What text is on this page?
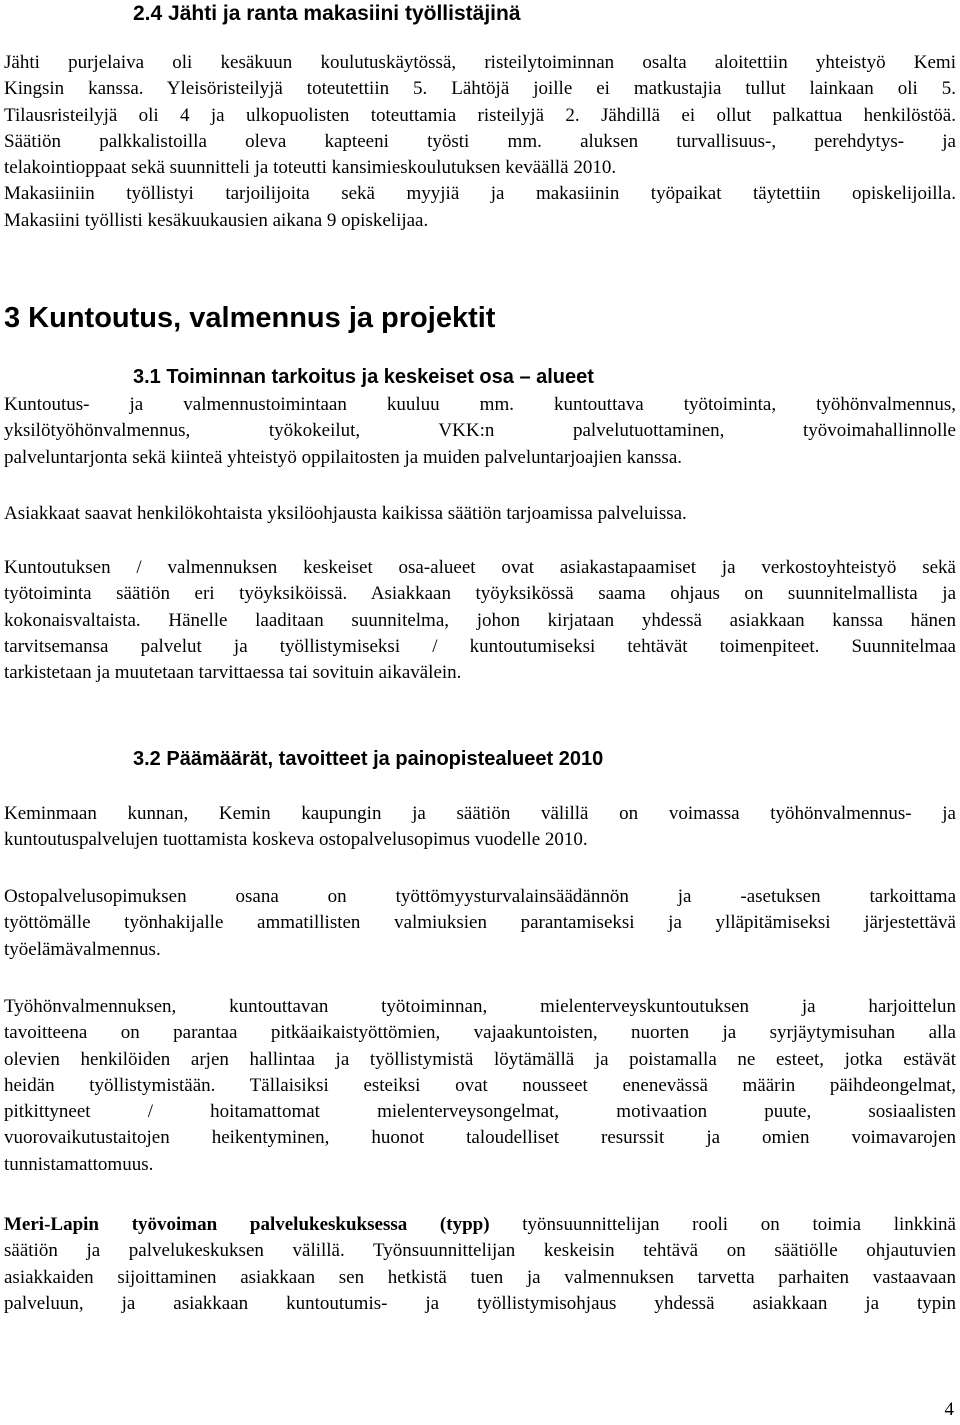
2.4 Jähti ja ranta makasiini työllistäjinä
Jähti purjelaiva oli kesäkuun koulutuskäytössä, risteilytoiminnan osalta aloitettiin yhteistyö Kemi
Kingsin kanssa. Yleisöristeilyjä toteutettiin 5. Lähtöjä joille ei matkustajia tullut lainkaan oli 5.
Tilausristeilyjä oli 4 ja ulkopuolisten toteuttamia risteilyjä 2. Jähdillä ei ollut palkattua henkilöstöä.
Säätiön palkkalistoilla oleva kapteeni työsti mm. aluksen turvallisuus-, perehdytys- ja
telakointioppaat sekä suunnitteli ja toteutti kansimieskoulutuksen keväällä 2010.
Makasiiniin työllistyi tarjoilijoita sekä myyjiä ja makasiinin työpaikat täytettiin opiskelijoilla.
Makasiini työllisti kesäkuukausien aikana 9 opiskelijaa.
3 Kuntoutus, valmennus ja projektit
3.1 Toiminnan tarkoitus ja keskeiset osa – alueet
Kuntoutus- ja valmennustoimintaan kuuluu mm. kuntouttava työtoiminta, työhönvalmennus,
yksilötyöhönvalmennus, työkokeilut, VKK:n palvelutuottaminen, työvoimahallinnolle
palveluntarjonta sekä kiinteä yhteistyö oppilaitosten ja muiden palveluntarjoajien kanssa.
Asiakkaat saavat henkilökohtaista yksilöohjausta kaikissa säätiön tarjoamissa palveluissa.
Kuntoutuksen / valmennuksen keskeiset osa-alueet ovat asiakastapaamiset ja verkostoyhteistyö sekä
työtoiminta säätiön eri työyksiköissä. Asiakkaan työyksikössä saama ohjaus on suunnitelmallista ja
kokonaisvaltaista. Hänelle laaditaan suunnitelma, johon kirjataan yhdessä asiakkaan kanssa hänen
tarvitsemansa palvelut ja työllistymiseksi / kuntoutumiseksi tehtävät toimenpiteet. Suunnitelmaa
tarkistetaan ja muutetaan tarvittaessa tai sovituin aikavälein.
3.2 Päämäärät, tavoitteet ja painopistealueet 2010
Keminmaan kunnan, Kemin kaupungin ja säätiön välillä on voimassa työhönvalmennus- ja
kuntoutuspalvelujen tuottamista koskeva ostopalvelusopimus vuodelle 2010.
Ostopalvelusopimuksen osana on työttömyysturvalainsäädännön ja -asetuksen tarkoittama
työttömälle työnhakijalle ammatillisten valmiuksien parantamiseksi ja ylläpitämiseksi järjestettävä
työelämävalmennus.
Työhönvalmennuksen, kuntouttavan työtoiminnan, mielenterveyskuntoutuksen ja harjoittelun
tavoitteena on parantaa pitkäaikaistyöttömien, vajaakuntoisten, nuorten ja syrjäytymisuhan alla
olevien henkilöiden arjen hallintaa ja työllistymistä löytämällä ja poistamalla ne esteet, jotka estävät
heidän työllistymistään. Tällaisiksi esteiksi ovat nousseet enenevässä määrin päihdeongelmat,
pitkittyneet / hoitamattomat mielenterveysongelmat, motivaation puute, sosiaalisten
vuorovaikutustaitojen heikentyminen, huonot taloudelliset resurssit ja omien voimavarojen
tunnistamattomuus.
Meri-Lapin työvoiman palvelukeskuksessa (typp) työnsuunnittelijan rooli on toimia linkkinä
säätiön ja palvelukeskuksen välillä. Työnsuunnittelijan keskeisin tehtävä on säätiölle ohjautuvien
asiakkaiden sijoittaminen asiakkaan sen hetkistä tuen ja valmennuksen tarvetta parhaiten vastaavaan
palveluun, ja asiakkaan kuntoutumis- ja työllistymisohjaus yhdessä asiakkaan ja typin
4
